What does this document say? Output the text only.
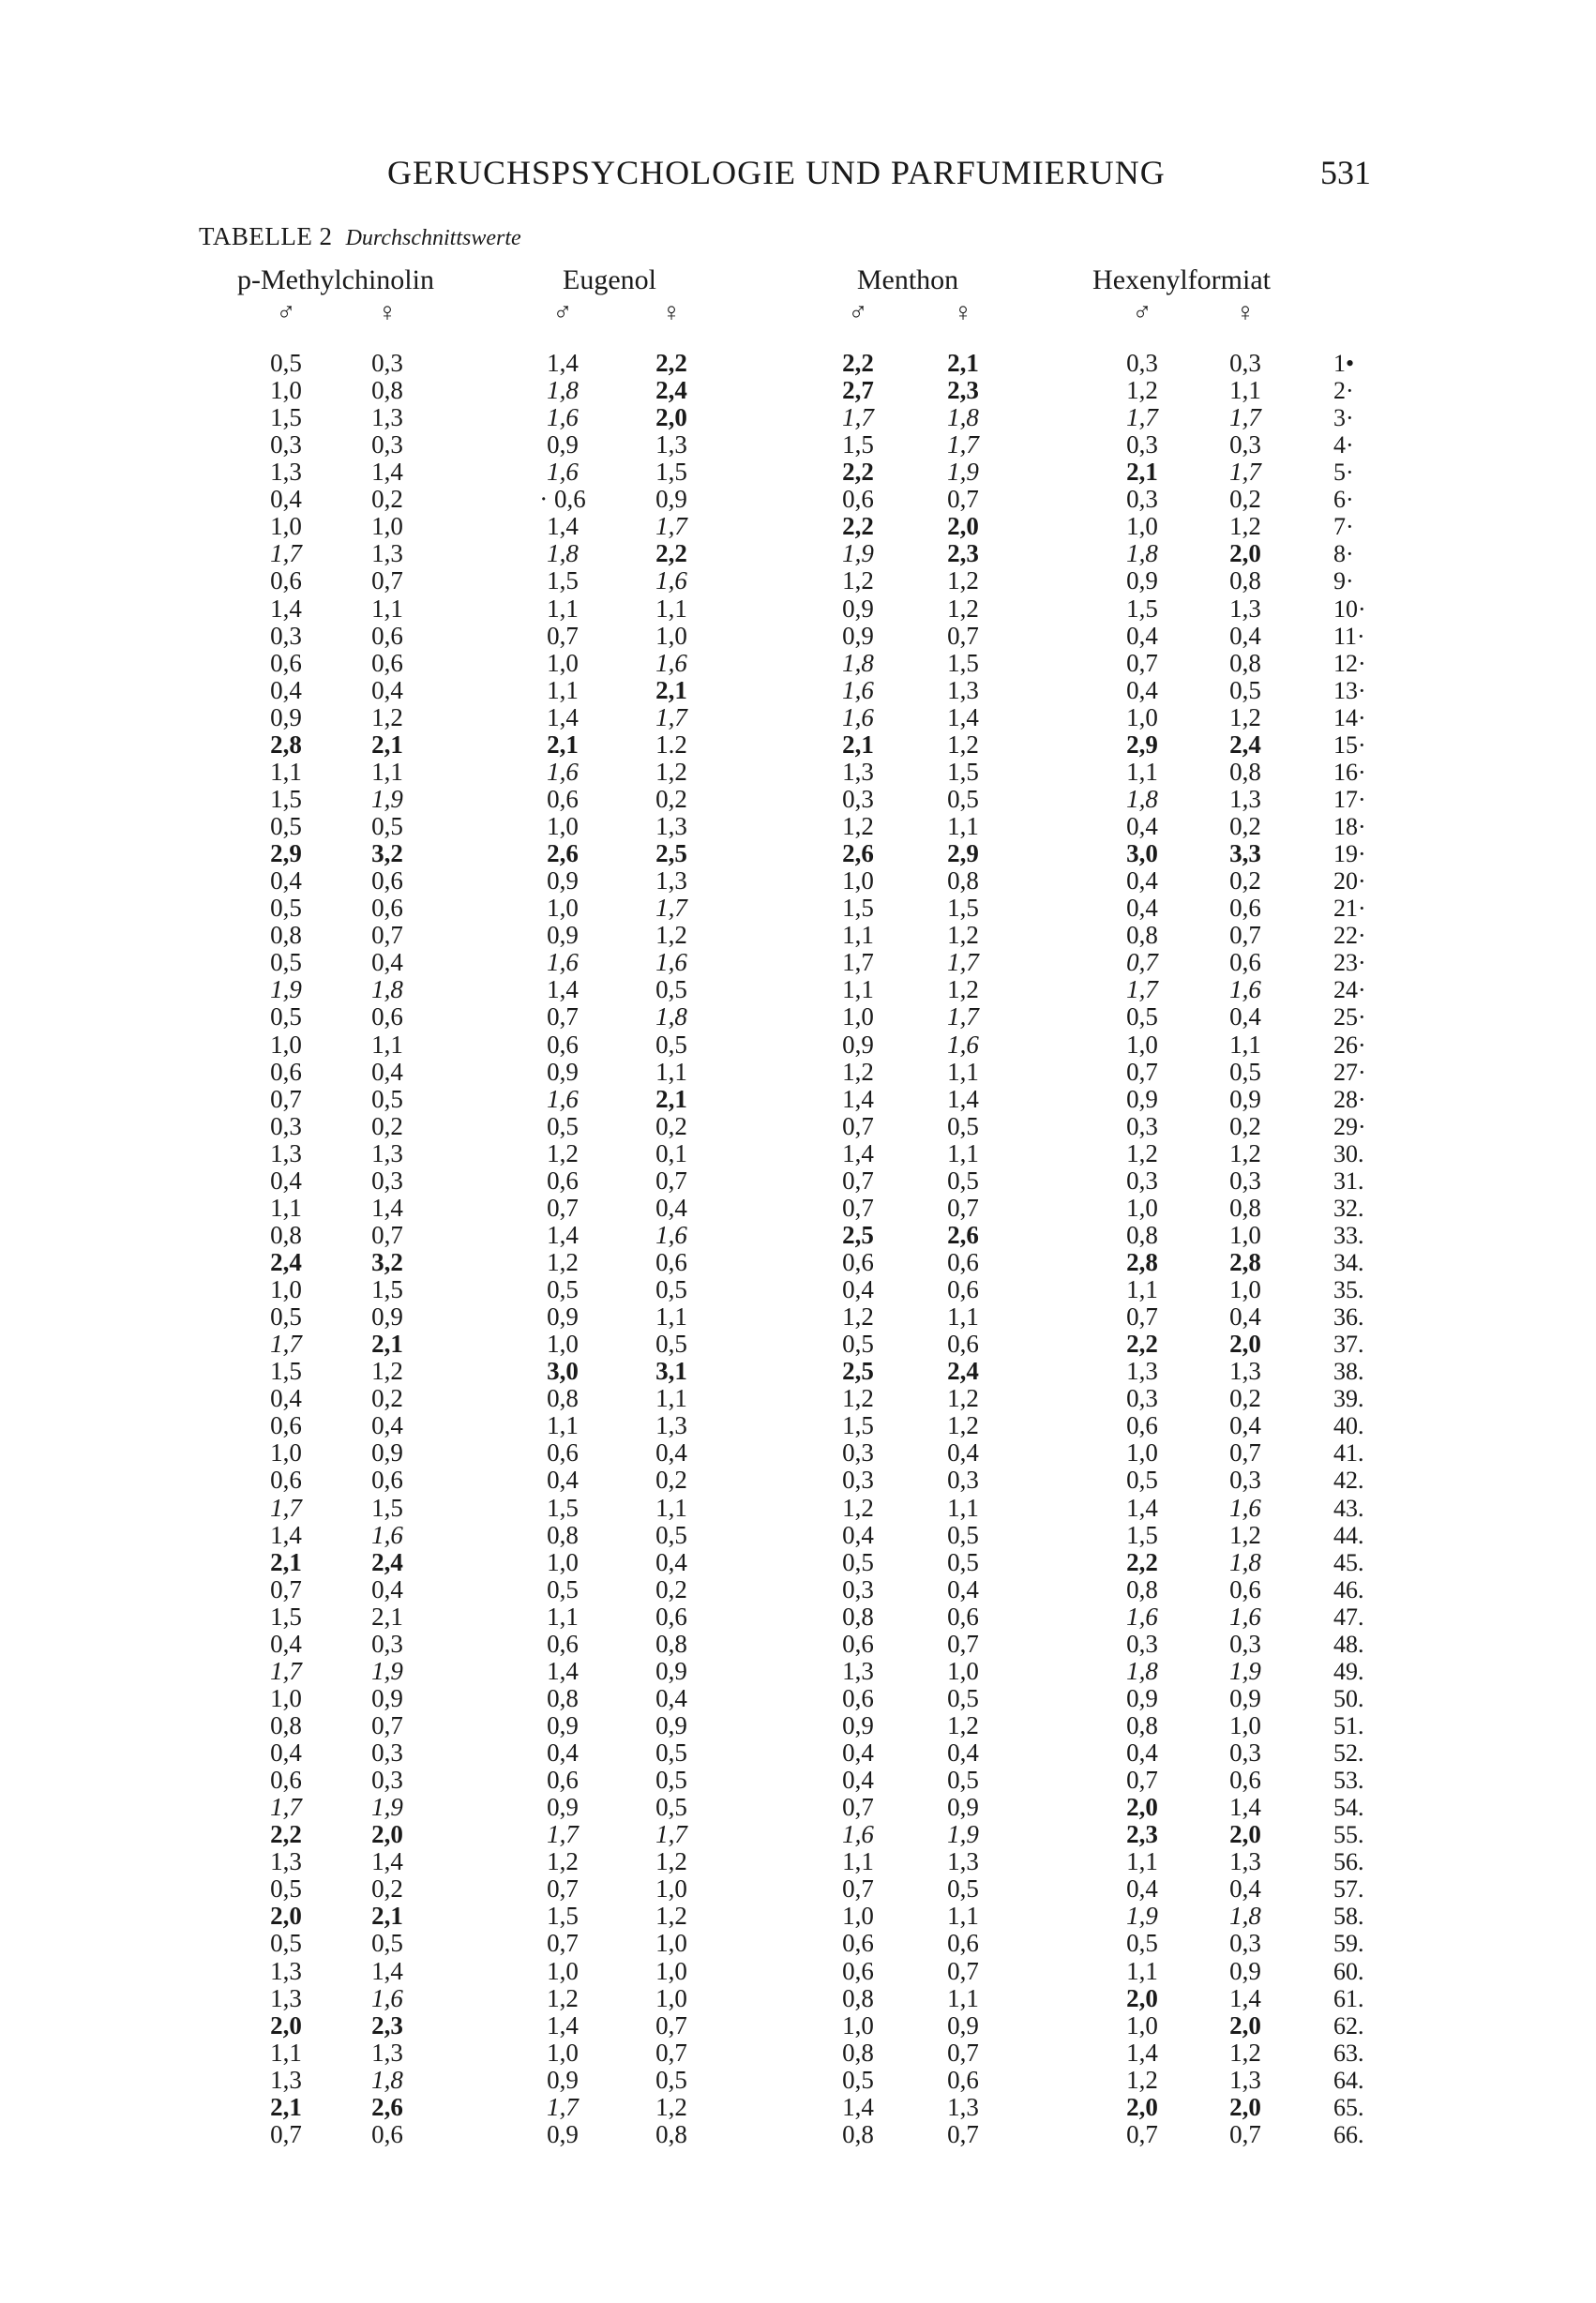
GERUCHSPSYCHOLOGIE UND PARFUMIERUNG	531
TABELLE 2 Durchschnittswerte
p-Methylchinolin	Eugenol	Menthon	Hexenylformiat
♂	♀	♂	♀	♂	♀	♂	♀
0,5	0,3	1,4	2,2	2,2	2,1	0,3	0,3	1•
1,0	0,8	1,8	2,4	2,7	2,3	1,2	1,1	2·
1,5	1,3	1,6	2,0	1,7	1,8	1,7	1,7	3·
0,3	0,3	0,9	1,3	1,5	1,7	0,3	0,3	4·
1,3	1,4	1,6	1,5	2,2	1,9	2,1	1,7	5·
0,4	0,2	· 0,6	0,9	0,6	0,7	0,3	0,2	6·
1,0	1,0	1,4	1,7	2,2	2,0	1,0	1,2	7·
1,7	1,3	1,8	2,2	1,9	2,3	1,8	2,0	8·
0,6	0,7	1,5	1,6	1,2	1,2	0,9	0,8	9·
1,4	1,1	1,1	1,1	0,9	1,2	1,5	1,3	10·
0,3	0,6	0,7	1,0	0,9	0,7	0,4	0,4	11·
0,6	0,6	1,0	1,6	1,8	1,5	0,7	0,8	12·
0,4	0,4	1,1	2,1	1,6	1,3	0,4	0,5	13·
0,9	1,2	1,4	1,7	1,6	1,4	1,0	1,2	14·
2,8	2,1	2,1	1.2	2,1	1,2	2,9	2,4	15·
1,1	1,1	1,6	1,2	1,3	1,5	1,1	0,8	16·
1,5	1,9	0,6	0,2	0,3	0,5	1,8	1,3	17·
0,5	0,5	1,0	1,3	1,2	1,1	0,4	0,2	18·
2,9	3,2	2,6	2,5	2,6	2,9	3,0	3,3	19·
0,4	0,6	0,9	1,3	1,0	0,8	0,4	0,2	20·
0,5	0,6	1,0	1,7	1,5	1,5	0,4	0,6	21·
0,8	0,7	0,9	1,2	1,1	1,2	0,8	0,7	22·
0,5	0,4	1,6	1,6	1,7	1,7	0,7	0,6	23·
1,9	1,8	1,4	0,5	1,1	1,2	1,7	1,6	24·
0,5	0,6	0,7	1,8	1,0	1,7	0,5	0,4	25·
1,0	1,1	0,6	0,5	0,9	1,6	1,0	1,1	26·
0,6	0,4	0,9	1,1	1,2	1,1	0,7	0,5	27·
0,7	0,5	1,6	2,1	1,4	1,4	0,9	0,9	28·
0,3	0,2	0,5	0,2	0,7	0,5	0,3	0,2	29·
1,3	1,3	1,2	0,1	1,4	1,1	1,2	1,2	30.
0,4	0,3	0,6	0,7	0,7	0,5	0,3	0,3	31.
1,1	1,4	0,7	0,4	0,7	0,7	1,0	0,8	32.
0,8	0,7	1,4	1,6	2,5	2,6	0,8	1,0	33.
2,4	3,2	1,2	0,6	0,6	0,6	2,8	2,8	34.
1,0	1,5	0,5	0,5	0,4	0,6	1,1	1,0	35.
0,5	0,9	0,9	1,1	1,2	1,1	0,7	0,4	36.
1,7	2,1	1,0	0,5	0,5	0,6	2,2	2,0	37.
1,5	1,2	3,0	3,1	2,5	2,4	1,3	1,3	38.
0,4	0,2	0,8	1,1	1,2	1,2	0,3	0,2	39.
0,6	0,4	1,1	1,3	1,5	1,2	0,6	0,4	40.
1,0	0,9	0,6	0,4	0,3	0,4	1,0	0,7	41.
0,6	0,6	0,4	0,2	0,3	0,3	0,5	0,3	42.
1,7	1,5	1,5	1,1	1,2	1,1	1,4	1,6	43.
1,4	1,6	0,8	0,5	0,4	0,5	1,5	1,2	44.
2,1	2,4	1,0	0,4	0,5	0,5	2,2	1,8	45.
0,7	0,4	0,5	0,2	0,3	0,4	0,8	0,6	46.
1,5	2,1	1,1	0,6	0,8	0,6	1,6	1,6	47.
0,4	0,3	0,6	0,8	0,6	0,7	0,3	0,3	48.
1,7	1,9	1,4	0,9	1,3	1,0	1,8	1,9	49.
1,0	0,9	0,8	0,4	0,6	0,5	0,9	0,9	50.
0,8	0,7	0,9	0,9	0,9	1,2	0,8	1,0	51.
0,4	0,3	0,4	0,5	0,4	0,4	0,4	0,3	52.
0,6	0,3	0,6	0,5	0,4	0,5	0,7	0,6	53.
1,7	1,9	0,9	0,5	0,7	0,9	2,0	1,4	54.
2,2	2,0	1,7	1,7	1,6	1,9	2,3	2,0	55.
1,3	1,4	1,2	1,2	1,1	1,3	1,1	1,3	56.
0,5	0,2	0,7	1,0	0,7	0,5	0,4	0,4	57.
2,0	2,1	1,5	1,2	1,0	1,1	1,9	1,8	58.
0,5	0,5	0,7	1,0	0,6	0,6	0,5	0,3	59.
1,3	1,4	1,0	1,0	0,6	0,7	1,1	0,9	60.
1,3	1,6	1,2	1,0	0,8	1,1	2,0	1,4	61.
2,0	2,3	1,4	0,7	1,0	0,9	1,0	2,0	62.
1,1	1,3	1,0	0,7	0,8	0,7	1,4	1,2	63.
1,3	1,8	0,9	0,5	0,5	0,6	1,2	1,3	64.
2,1	2,6	1,7	1,2	1,4	1,3	2,0	2,0	65.
0,7	0,6	0,9	0,8	0,8	0,7	0,7	0,7	66.
